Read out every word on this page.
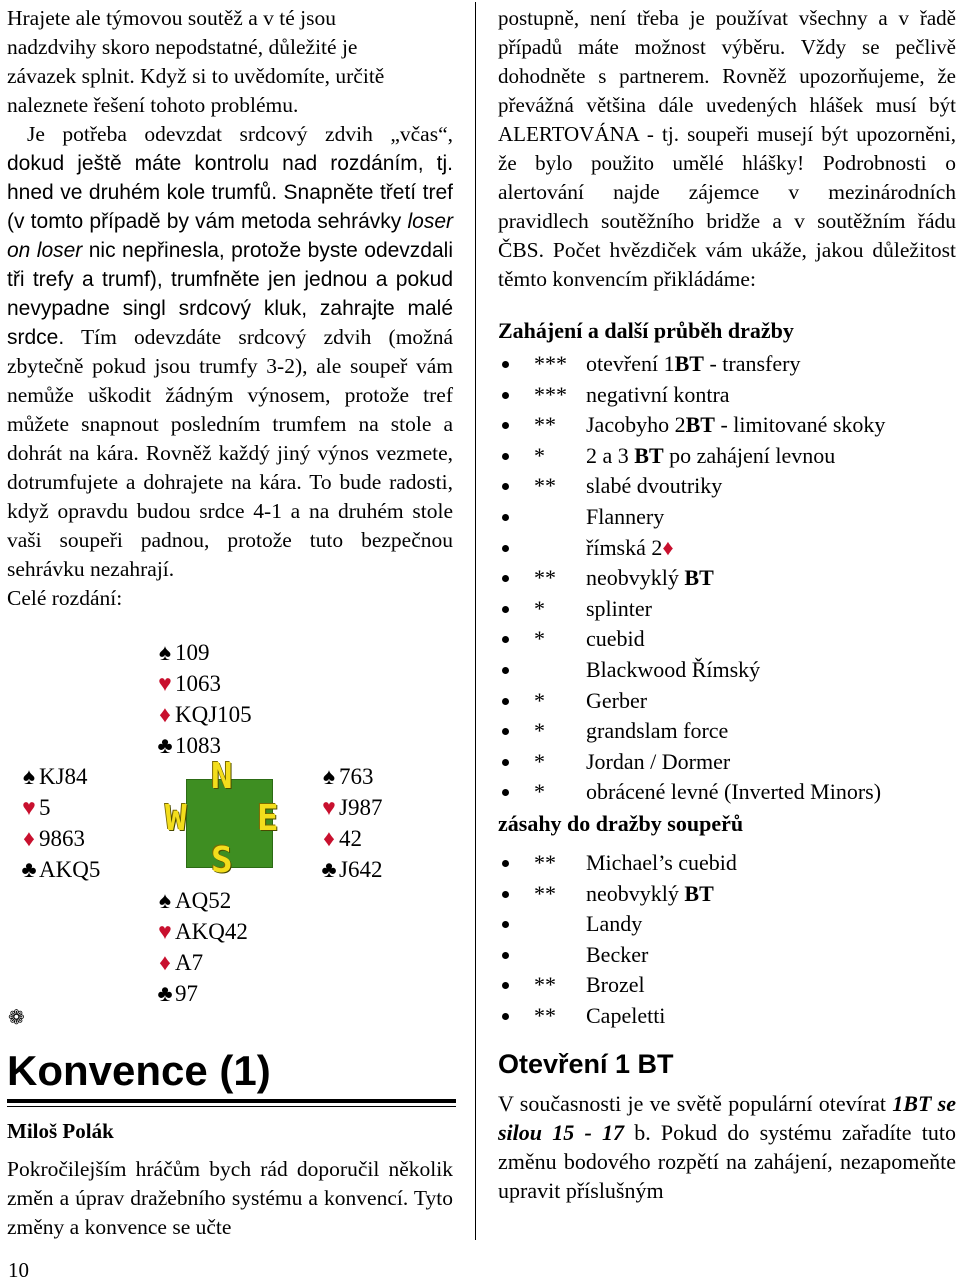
Hrajete ale týmovou soutěž a v té jsou
nadzdvihy skoro nepodstatné, důležité je
závazek splnit. Když si to uvědomíte, určitě
naleznete řešení tohoto problému.
Je potřeba odevzdat srdcový zdvih „včas“, dokud ještě máte kontrolu nad rozdáním, tj. hned ve druhém kole trumfů. Snapněte třetí tref (v tomto případě by vám metoda sehrávky loser on loser nic nepřinesla, protože byste odevzdali tři trefy a trumf), trumfněte jen jednou a pokud nevypadne singl srdcový kluk, zahrajte malé srdce. Tím odevzdáte srdcový zdvih (možná zbytečně pokud jsou trumfy 3-2), ale soupeř vám nemůže uškodit žádným výnosem, protože tref můžete snapnout posledním trumfem na stole a dohrát na kára. Rovněž každý jiný výnos vezmete, dotrumfujete a dohrajete na kára. To bude radosti, když opravdu budou srdce 4-1 a na druhém stole vaši soupeři padnou, protože tuto bezpečnou sehrávku nezahrají.
Celé rozdání:
♠ 109
♥ 1063
♦ KQJ105
♣ 1083
♠ KJ84
♥ 5
♦ 9863
♣ AKQ5
♠ 763
♥ J987
♦ 42
♣ J642
♠ AQ52
♥ AKQ42
♦ A7
♣ 97
N
W E
S
❁
Konvence (1)
Miloš Polák
Pokročilejším hráčům bych rád doporučil několik změn a úprav dražebního systému a konvencí. Tyto změny a konvence se učte
10
postupně, není třeba je používat všechny a v řadě případů máte možnost výběru. Vždy se pečlivě dohodněte s partnerem. Rovněž upozorňujeme, že převážná většina dále uvedených hlášek musí být ALERTOVÁNA - tj. soupeři musejí být upozorněni, že bylo použito umělé hlášky! Podrobnosti o alertování najde zájemce v mezinárodních pravidlech soutěžního bridže a v soutěžním řádu ČBS. Počet hvězdiček vám ukáže, jakou důležitost těmto konvencím přikládáme:
Zahájení a další průběh dražby
*** otevření 1BT - transfery
*** negativní kontra
** Jacobyho 2BT - limitované skoky
* 2 a 3 BT po zahájení levnou
** slabé dvoutriky
Flannery
římská 2♦
** neobvyklý BT
* splinter
* cuebid
Blackwood Římský
* Gerber
* grandslam force
* Jordan / Dormer
* obrácené levné (Inverted Minors)
zásahy do dražby soupeřů
** Michael’s cuebid
** neobvyklý BT
Landy
Becker
** Brozel
** Capeletti
Otevření 1 BT
V současnosti je ve světě populární otevírat 1BT se silou 15 - 17 b. Pokud do systému zařadíte tuto změnu bodového rozpětí na zahájení, nezapomeňte upravit příslušným
